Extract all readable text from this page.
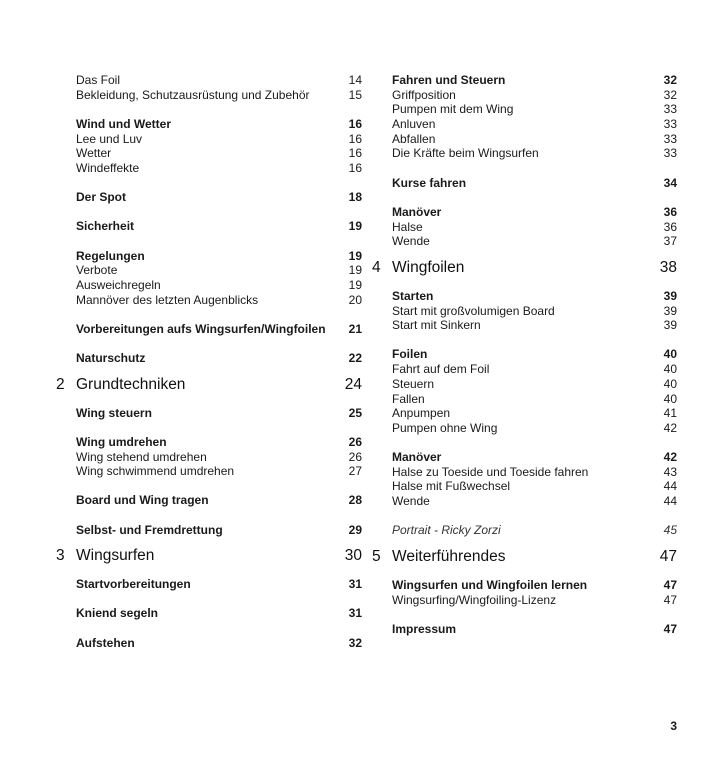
Das Foil	14
Bekleidung, Schutzausrüstung und Zubehör	15
Wind und Wetter	16
Lee und Luv	16
Wetter	16
Windeffekte	16
Der Spot	18
Sicherheit	19
Regelungen	19
Verbote	19
Ausweichregeln	19
Mannöver des letzten Augenblicks	20
Vorbereitungen aufs Wingsurfen/Wingfoilen 21
Naturschutz	22
2 Grundtechniken	24
Wing steuern	25
Wing umdrehen	26
Wing stehend umdrehen	26
Wing schwimmend umdrehen	27
Board und Wing tragen	28
Selbst- und Fremdrettung	29
3 Wingsurfen	30
Startvorbereitungen	31
Kniend segeln	31
Aufstehen	32
Fahren und Steuern	32
Griffposition	32
Pumpen mit dem Wing	33
Anluven	33
Abfallen	33
Die Kräfte beim Wingsurfen	33
Kurse fahren	34
Manöver	36
Halse	36
Wende	37
4 Wingfoilen	38
Starten	39
Start mit großvolumigen Board	39
Start mit Sinkern	39
Foilen	40
Fahrt auf dem Foil	40
Steuern	40
Fallen	40
Anpumpen	41
Pumpen ohne Wing	42
Manöver	42
Halse zu Toeside und Toeside fahren	43
Halse mit Fußwechsel	44
Wende	44
Portrait - Ricky Zorzi	45
5 Weiterführendes	47
Wingsurfen und Wingfoilen lernen	47
Wingsurfing/Wingfoiling-Lizenz	47
Impressum	47
3
